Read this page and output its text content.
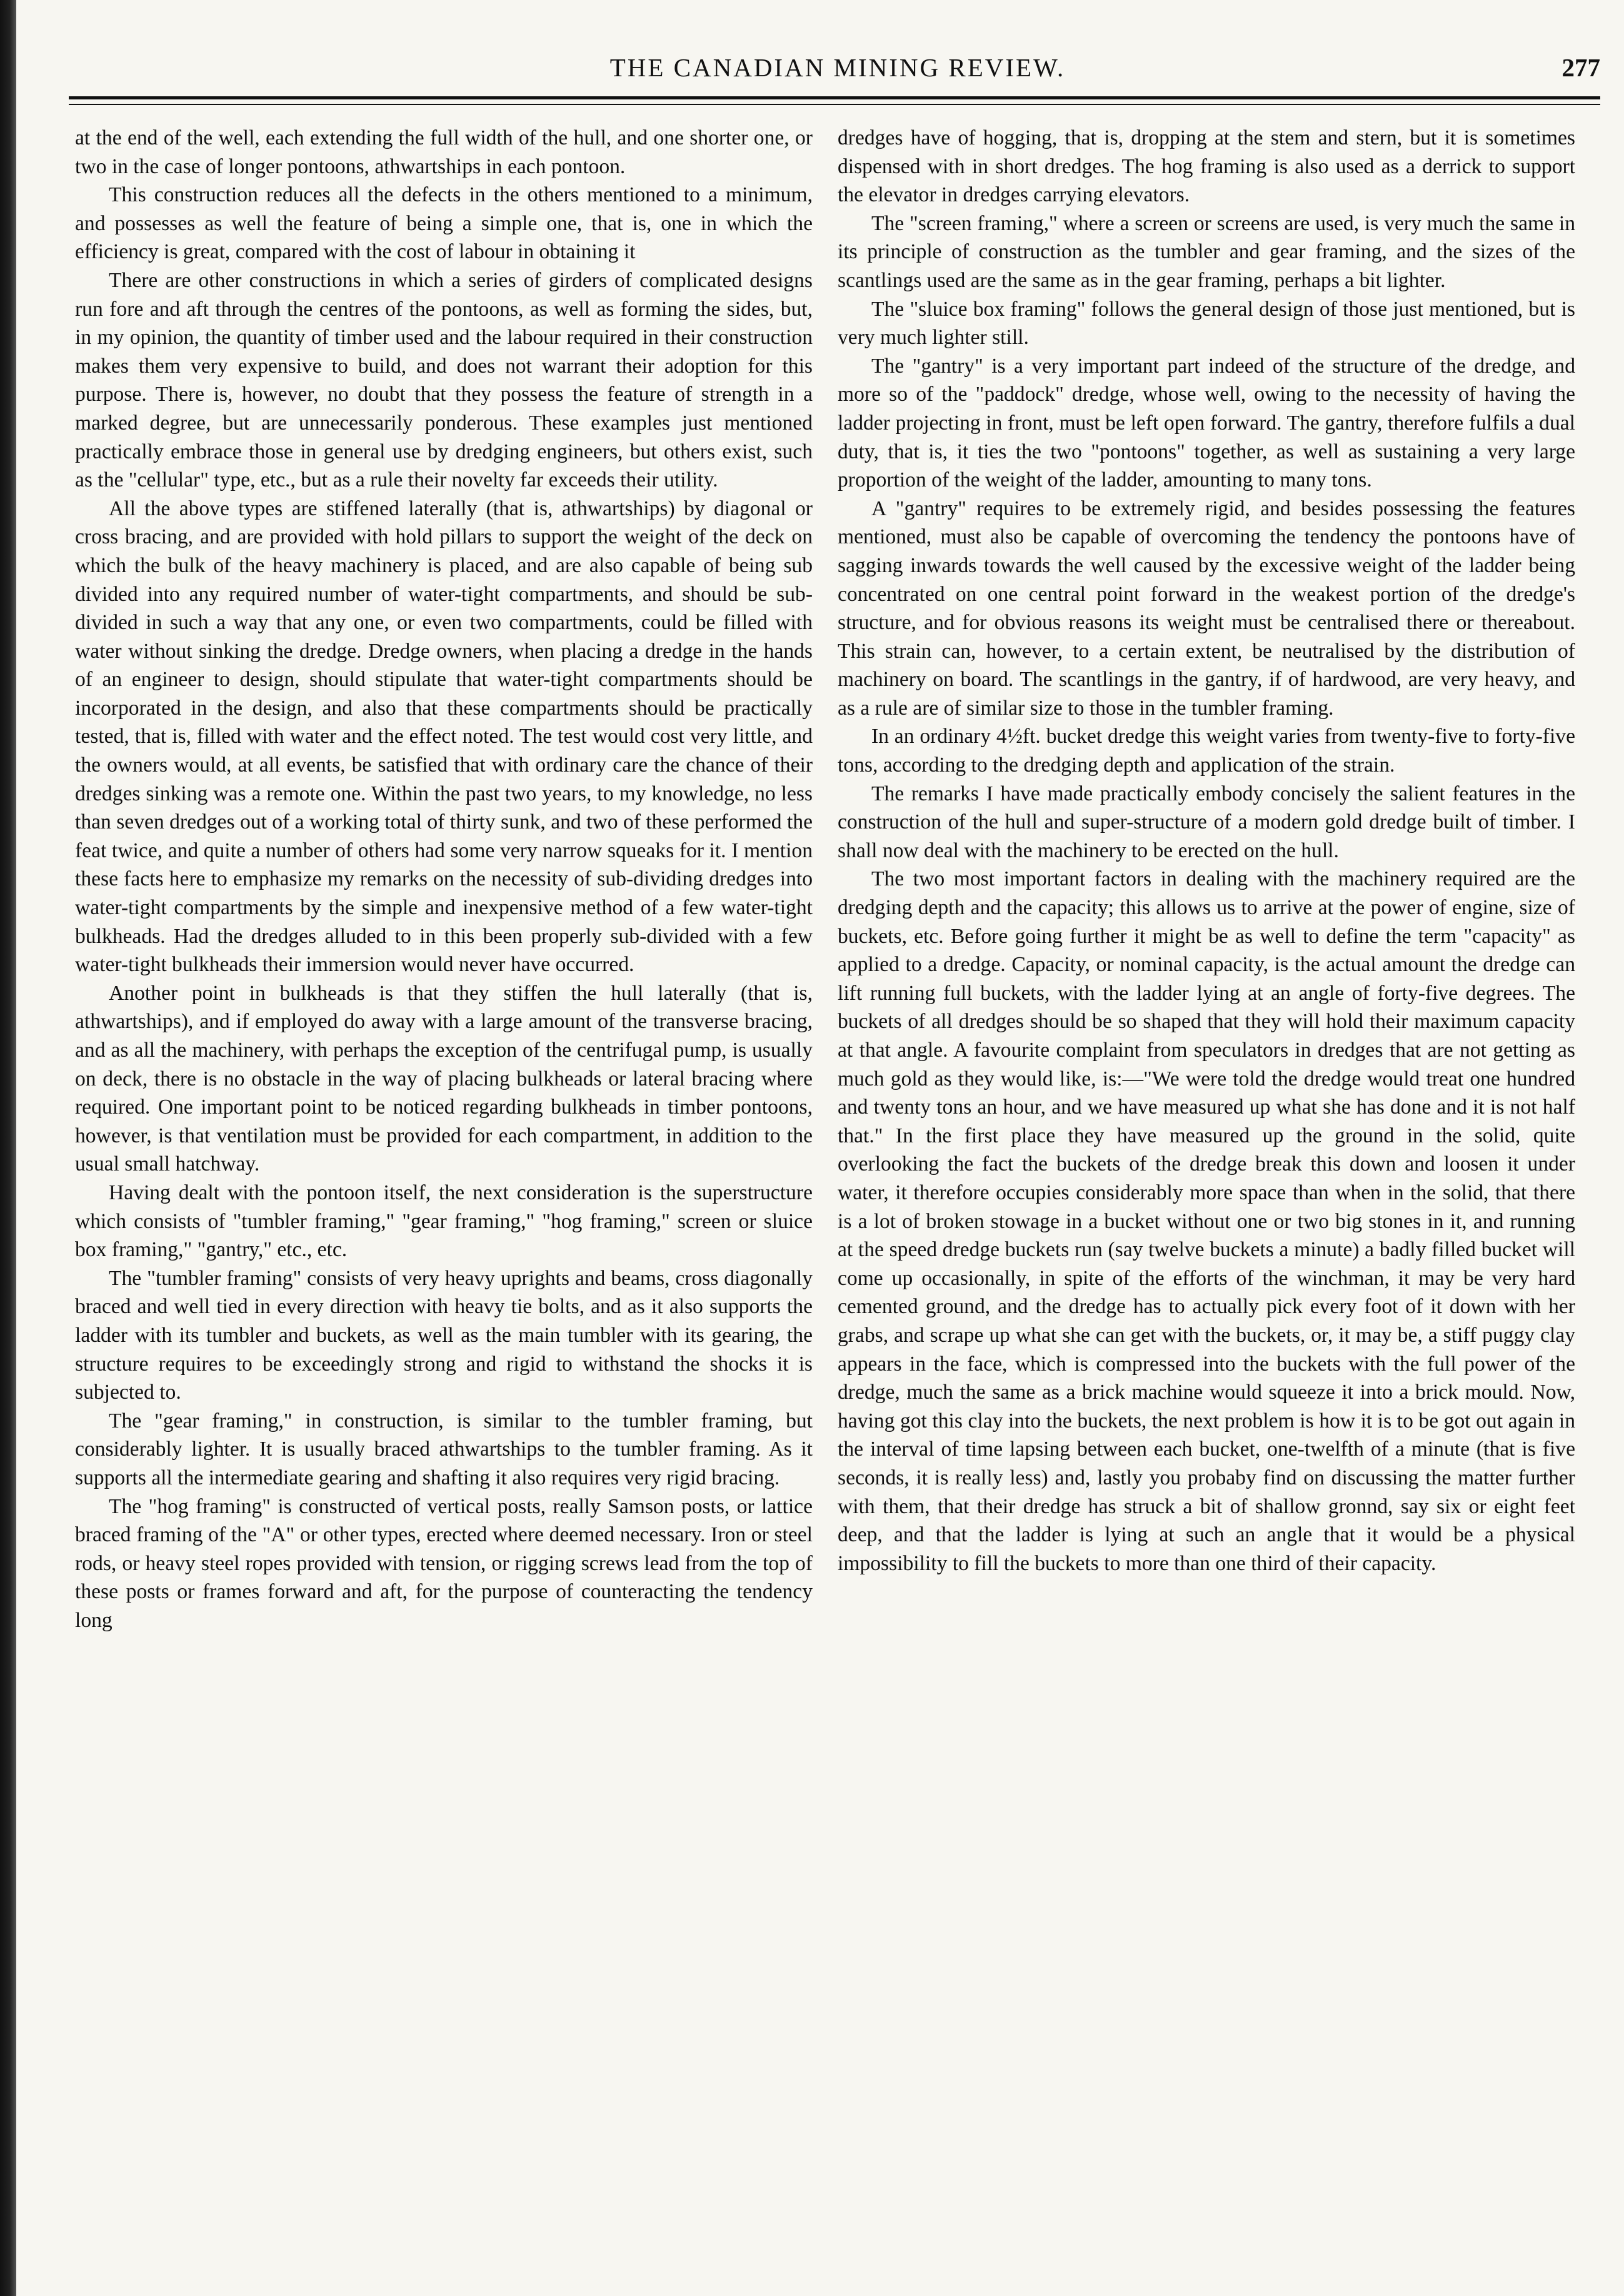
THE CANADIAN MINING REVIEW.	277

at the end of the well, each extending the full width of the hull, and one shorter one, or two in the case of longer pontoons, athwartships in each pontoon.

This construction reduces all the defects in the others mentioned to a minimum, and possesses as well the feature of being a simple one, that is, one in which the efficiency is great, compared with the cost of labour in obtaining it

There are other constructions in which a series of girders of complicated designs run fore and aft through the centres of the pontoons, as well as forming the sides, but, in my opinion, the quantity of timber used and the labour required in their construction makes them very expensive to build, and does not warrant their adoption for this purpose. There is, however, no doubt that they possess the feature of strength in a marked degree, but are unnecessarily ponderous. These examples just mentioned practically embrace those in general use by dredging engineers, but others exist, such as the "cellular" type, etc., but as a rule their novelty far exceeds their utility.

All the above types are stiffened laterally (that is, athwartships) by diagonal or cross bracing, and are provided with hold pillars to support the weight of the deck on which the bulk of the heavy machinery is placed, and are also capable of being sub divided into any required number of water-tight compartments, and should be sub-divided in such a way that any one, or even two compartments, could be filled with water without sinking the dredge. Dredge owners, when placing a dredge in the hands of an engineer to design, should stipulate that water-tight compartments should be incorporated in the design, and also that these compartments should be practically tested, that is, filled with water and the effect noted. The test would cost very little, and the owners would, at all events, be satisfied that with ordinary care the chance of their dredges sinking was a remote one. Within the past two years, to my knowledge, no less than seven dredges out of a working total of thirty sunk, and two of these performed the feat twice, and quite a number of others had some very narrow squeaks for it. I mention these facts here to emphasize my remarks on the necessity of sub-dividing dredges into water-tight compartments by the simple and inexpensive method of a few water-tight bulkheads. Had the dredges alluded to in this been properly sub-divided with a few water-tight bulkheads their immersion would never have occurred.

Another point in bulkheads is that they stiffen the hull laterally (that is, athwartships), and if employed do away with a large amount of the transverse bracing, and as all the machinery, with perhaps the exception of the centrifugal pump, is usually on deck, there is no obstacle in the way of placing bulkheads or lateral bracing where required. One important point to be noticed regarding bulkheads in timber pontoons, however, is that ventilation must be provided for each compartment, in addition to the usual small hatchway.

Having dealt with the pontoon itself, the next consideration is the superstructure which consists of "tumbler framing," "gear framing," "hog framing," screen or sluice box framing," "gantry," etc., etc.

The "tumbler framing" consists of very heavy uprights and beams, cross diagonally braced and well tied in every direction with heavy tie bolts, and as it also supports the ladder with its tumbler and buckets, as well as the main tumbler with its gearing, the structure requires to be exceedingly strong and rigid to withstand the shocks it is subjected to.

The "gear framing," in construction, is similar to the tumbler framing, but considerably lighter. It is usually braced athwartships to the tumbler framing. As it supports all the intermediate gearing and shafting it also requires very rigid bracing.

The "hog framing" is constructed of vertical posts, really Samson posts, or lattice braced framing of the "A" or other types, erected where deemed necessary. Iron or steel rods, or heavy steel ropes provided with tension, or rigging screws lead from the top of these posts or frames forward and aft, for the purpose of counteracting the tendency long

dredges have of hogging, that is, dropping at the stem and stern, but it is sometimes dispensed with in short dredges. The hog framing is also used as a derrick to support the elevator in dredges carrying elevators.

The "screen framing," where a screen or screens are used, is very much the same in its principle of construction as the tumbler and gear framing, and the sizes of the scantlings used are the same as in the gear framing, perhaps a bit lighter.

The "sluice box framing" follows the general design of those just mentioned, but is very much lighter still.

The "gantry" is a very important part indeed of the structure of the dredge, and more so of the "paddock" dredge, whose well, owing to the necessity of having the ladder projecting in front, must be left open forward. The gantry, therefore fulfils a dual duty, that is, it ties the two "pontoons" together, as well as sustaining a very large proportion of the weight of the ladder, amounting to many tons.

A "gantry" requires to be extremely rigid, and besides possessing the features mentioned, must also be capable of overcoming the tendency the pontoons have of sagging inwards towards the well caused by the excessive weight of the ladder being concentrated on one central point forward in the weakest portion of the dredge's structure, and for obvious reasons its weight must be centralised there or thereabout. This strain can, however, to a certain extent, be neutralised by the distribution of machinery on board. The scantlings in the gantry, if of hardwood, are very heavy, and as a rule are of similar size to those in the tumbler framing.

In an ordinary 4½ft. bucket dredge this weight varies from twenty-five to forty-five tons, according to the dredging depth and application of the strain.

The remarks I have made practically embody concisely the salient features in the construction of the hull and super-structure of a modern gold dredge built of timber. I shall now deal with the machinery to be erected on the hull.

The two most important factors in dealing with the machinery required are the dredging depth and the capacity; this allows us to arrive at the power of engine, size of buckets, etc. Before going further it might be as well to define the term "capacity" as applied to a dredge. Capacity, or nominal capacity, is the actual amount the dredge can lift running full buckets, with the ladder lying at an angle of forty-five degrees. The buckets of all dredges should be so shaped that they will hold their maximum capacity at that angle. A favourite complaint from speculators in dredges that are not getting as much gold as they would like, is:—"We were told the dredge would treat one hundred and twenty tons an hour, and we have measured up what she has done and it is not half that." In the first place they have measured up the ground in the solid, quite overlooking the fact the buckets of the dredge break this down and loosen it under water, it therefore occupies considerably more space than when in the solid, that there is a lot of broken stowage in a bucket without one or two big stones in it, and running at the speed dredge buckets run (say twelve buckets a minute) a badly filled bucket will come up occasionally, in spite of the efforts of the winchman, it may be very hard cemented ground, and the dredge has to actually pick every foot of it down with her grabs, and scrape up what she can get with the buckets, or, it may be, a stiff puggy clay appears in the face, which is compressed into the buckets with the full power of the dredge, much the same as a brick machine would squeeze it into a brick mould. Now, having got this clay into the buckets, the next problem is how it is to be got out again in the interval of time lapsing between each bucket, one-twelfth of a minute (that is five seconds, it is really less) and, lastly you probaby find on discussing the matter further with them, that their dredge has struck a bit of shallow gronnd, say six or eight feet deep, and that the ladder is lying at such an angle that it would be a physical impossibility to fill the buckets to more than one third of their capacity.
